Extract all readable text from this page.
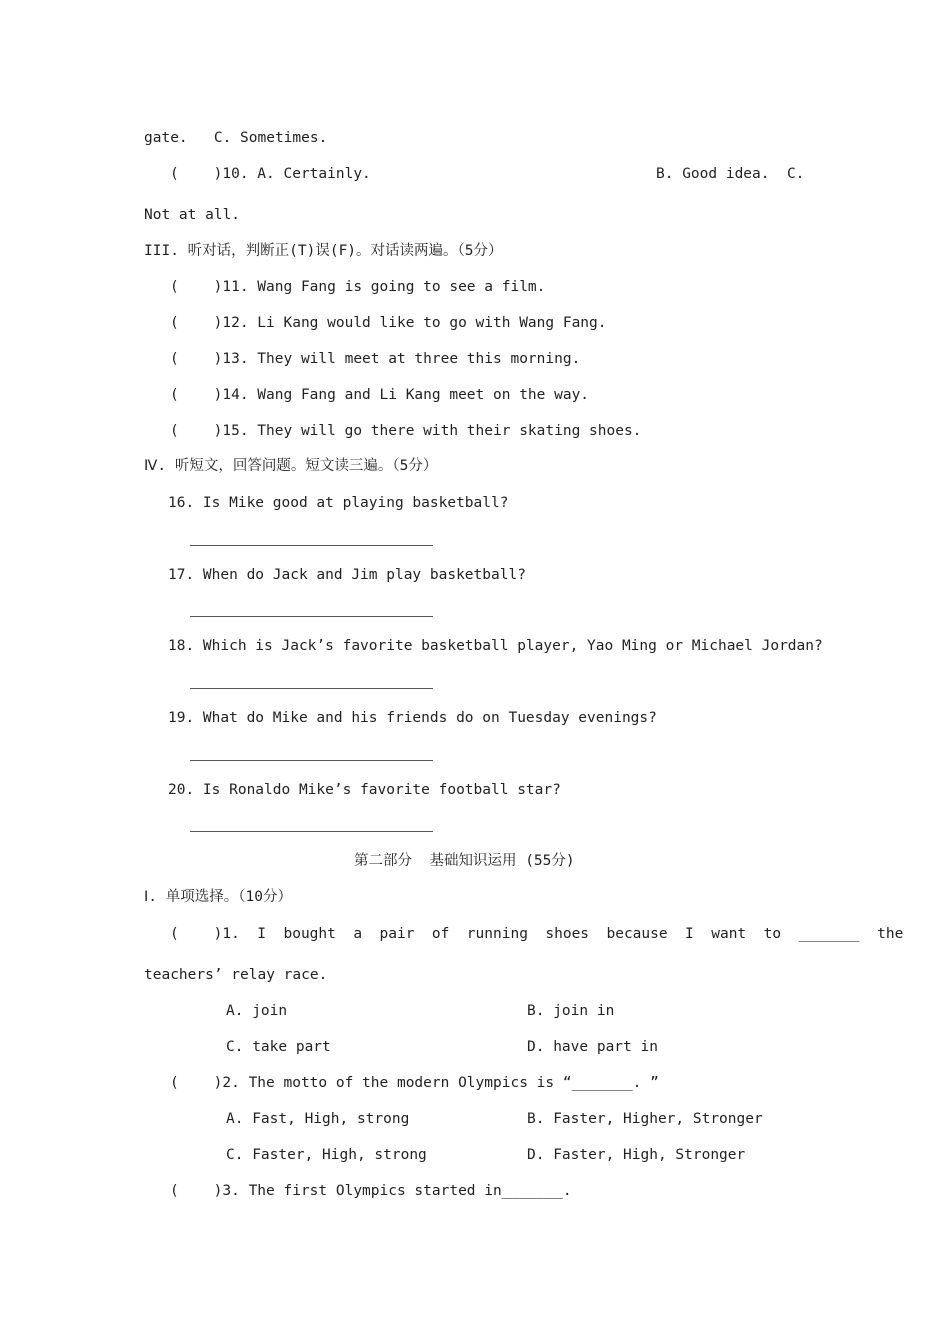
gate.   C. Sometimes.
(    )10. A. Certainly.	B. Good idea.  C.
Not at all.
III. 听对话，判断正(T)误(F)。对话读两遍。（5分）
(    )11. Wang Fang is going to see a film.
(    )12. Li Kang would like to go with Wang Fang.
(    )13. They will meet at three this morning.
(    )14. Wang Fang and Li Kang meet on the way.
(    )15. They will go there with their skating shoes.
Ⅳ. 听短文，回答问题。短文读三遍。（5分）
16. Is Mike good at playing basketball?
17. When do Jack and Jim play basketball?
18. Which is Jack’s favorite basketball player, Yao Ming or Michael Jordan?
19. What do Mike and his friends do on Tuesday evenings?
20. Is Ronaldo Mike’s favorite football star?
第二部分  基础知识运用 (55分)
Ⅰ. 单项选择。（10分）
(    )1.  I  bought  a  pair  of  running  shoes  because  I  want  to  _______  the
teachers’ relay race.
A. join	B. join in
C. take part	D. have part in
(    )2. The motto of the modern Olympics is “_______. ”
A. Fast, High, strong	B. Faster, Higher, Stronger
C. Faster, High, strong	D. Faster, High, Stronger
(    )3. The first Olympics started in_______.
